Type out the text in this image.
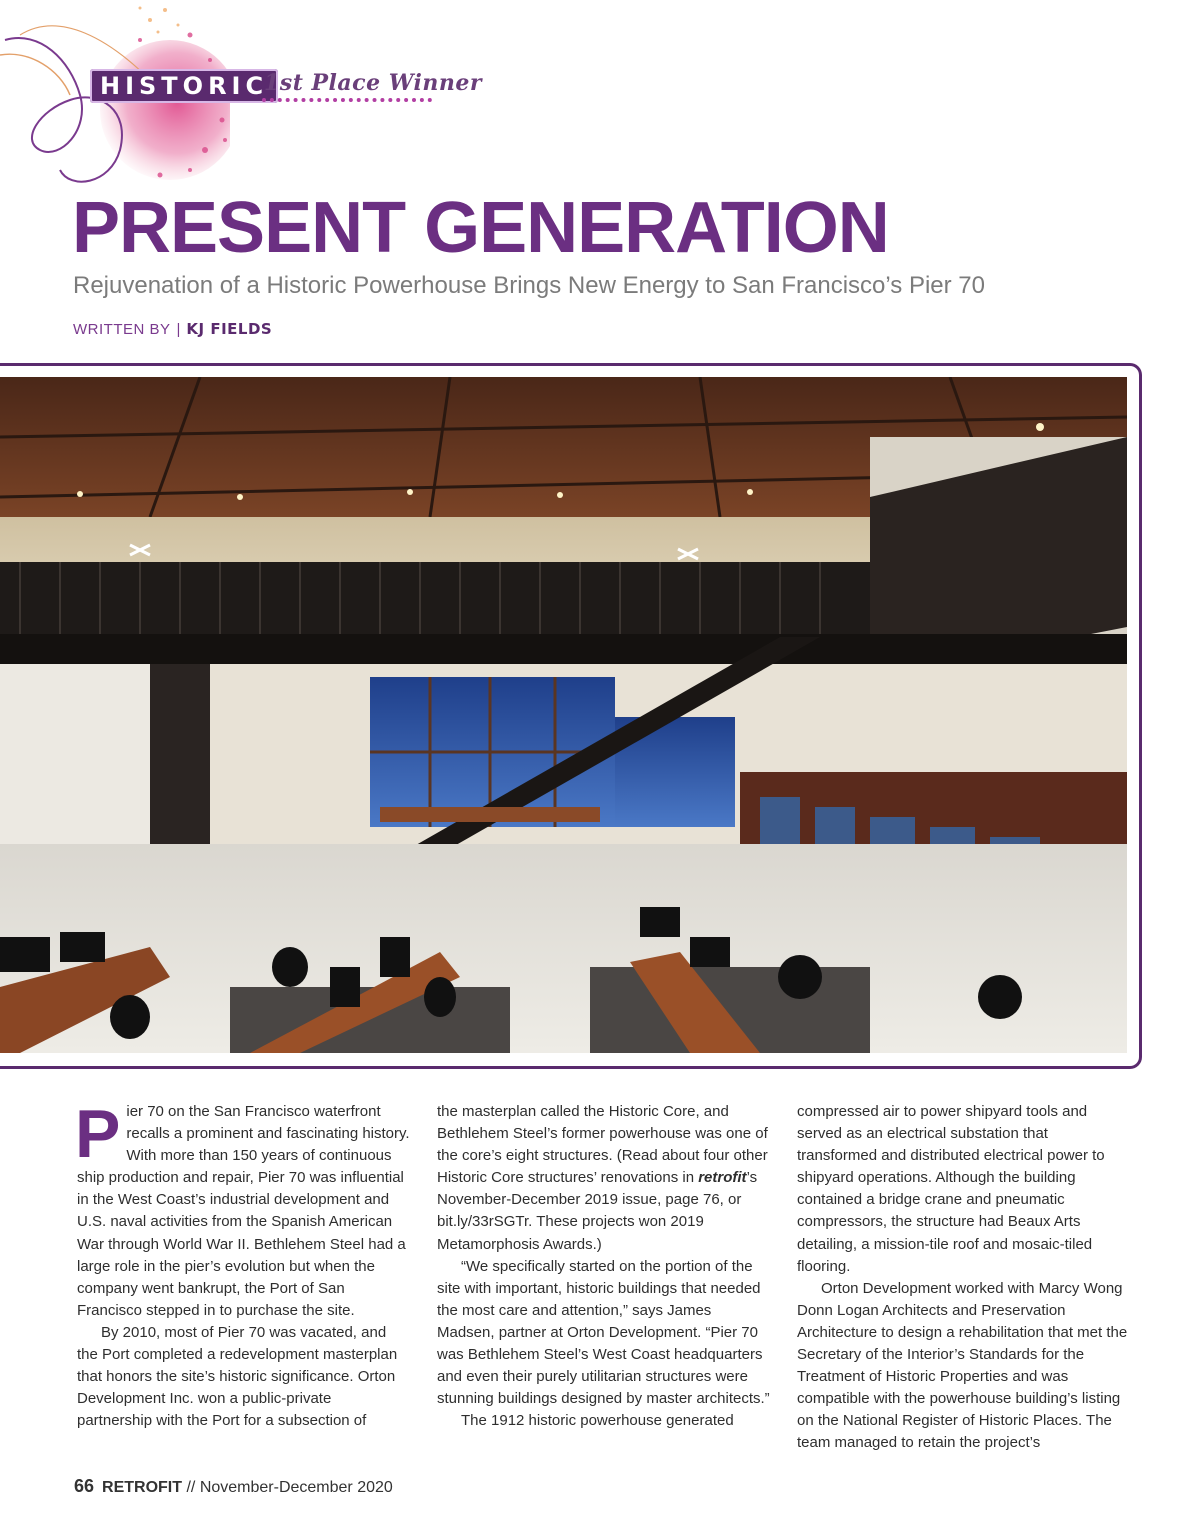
HISTORIC
1st Place Winner
PRESENT GENERATION
Rejuvenation of a Historic Powerhouse Brings New Energy to San Francisco’s Pier 70
WRITTEN BY | KJ FIELDS

Pier 70 on the San Francisco waterfront recalls a prominent and fascinating history. With more than 150 years of continuous ship production and repair, Pier 70 was influential in the West Coast’s industrial development and U.S. naval activities from the Spanish American War through World War II. Bethlehem Steel had a large role in the pier’s evolution but when the company went bankrupt, the Port of San Francisco stepped in to purchase the site.

By 2010, most of Pier 70 was vacated, and the Port completed a redevelopment masterplan that honors the site’s historic significance. Orton Development Inc. won a public-private partnership with the Port for a subsection of

the masterplan called the Historic Core, and Bethlehem Steel’s former powerhouse was one of the core’s eight structures. (Read about four other Historic Core structures’ renovations in retrofit’s November-December 2019 issue, page 76, or bit.ly/33rSGTr. These projects won 2019 Metamorphosis Awards.)

“We specifically started on the portion of the site with important, historic buildings that needed the most care and attention,” says James Madsen, partner at Orton Development. “Pier 70 was Bethlehem Steel’s West Coast headquarters and even their purely utilitarian structures were stunning buildings designed by master architects.”

The 1912 historic powerhouse generated

compressed air to power shipyard tools and served as an electrical substation that transformed and distributed electrical power to shipyard operations. Although the building contained a bridge crane and pneumatic compressors, the structure had Beaux Arts detailing, a mission-tile roof and mosaic-tiled flooring.

Orton Development worked with Marcy Wong Donn Logan Architects and Preservation Architecture to design a rehabilitation that met the Secretary of the Interior’s Standards for the Treatment of Historic Properties and was compatible with the powerhouse building’s listing on the National Register of Historic Places. The team managed to retain the project’s

66 RETROFIT // November-December 2020
